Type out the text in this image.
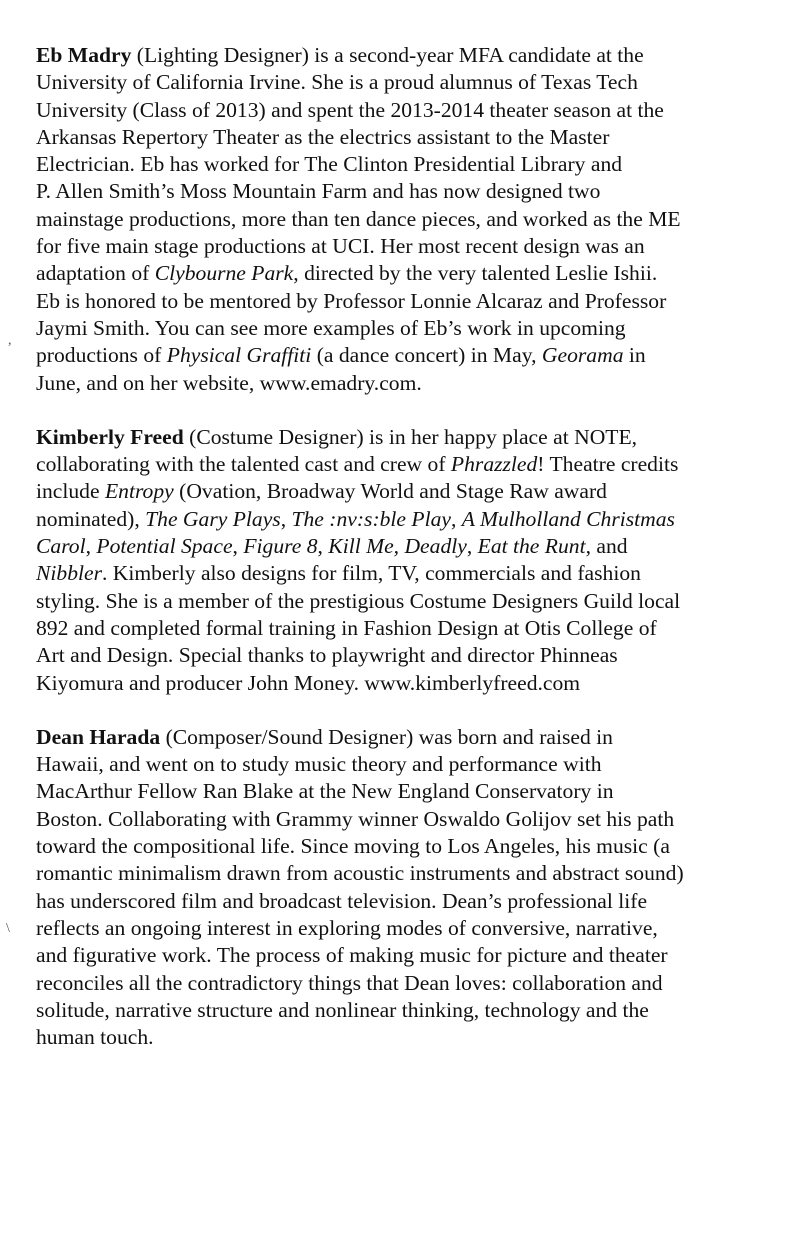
Eb Madry (Lighting Designer) is a second-year MFA candidate at the
University of California Irvine. She is a proud alumnus of Texas Tech
University (Class of 2013) and spent the 2013-2014 theater season at the
Arkansas Repertory Theater as the electrics assistant to the Master
Electrician. Eb has worked for The Clinton Presidential Library and
P. Allen Smith’s Moss Mountain Farm and has now designed two
mainstage productions, more than ten dance pieces, and worked as the ME
for five main stage productions at UCI. Her most recent design was an
adaptation of Clybourne Park, directed by the very talented Leslie Ishii.
Eb is honored to be mentored by Professor Lonnie Alcaraz and Professor
Jaymi Smith. You can see more examples of Eb’s work in upcoming
productions of Physical Graffiti (a dance concert) in May, Georama in
June, and on her website, www.emadry.com.
Kimberly Freed (Costume Designer) is in her happy place at NOTE,
collaborating with the talented cast and crew of Phrazzled! Theatre credits
include Entropy (Ovation, Broadway World and Stage Raw award
nominated), The Gary Plays, The :nv:s:ble Play, A Mulholland Christmas
Carol, Potential Space, Figure 8, Kill Me, Deadly, Eat the Runt, and
Nibbler. Kimberly also designs for film, TV, commercials and fashion
styling. She is a member of the prestigious Costume Designers Guild local
892 and completed formal training in Fashion Design at Otis College of
Art and Design. Special thanks to playwright and director Phinneas
Kiyomura and producer John Money. www.kimberlyfreed.com
Dean Harada (Composer/Sound Designer) was born and raised in
Hawaii, and went on to study music theory and performance with
MacArthur Fellow Ran Blake at the New England Conservatory in
Boston. Collaborating with Grammy winner Oswaldo Golijov set his path
toward the compositional life. Since moving to Los Angeles, his music (a
romantic minimalism drawn from acoustic instruments and abstract sound)
has underscored film and broadcast television. Dean’s professional life
reflects an ongoing interest in exploring modes of conversive, narrative,
and figurative work. The process of making music for picture and theater
reconciles all the contradictory things that Dean loves: collaboration and
solitude, narrative structure and nonlinear thinking, technology and the
human touch.
,
\
